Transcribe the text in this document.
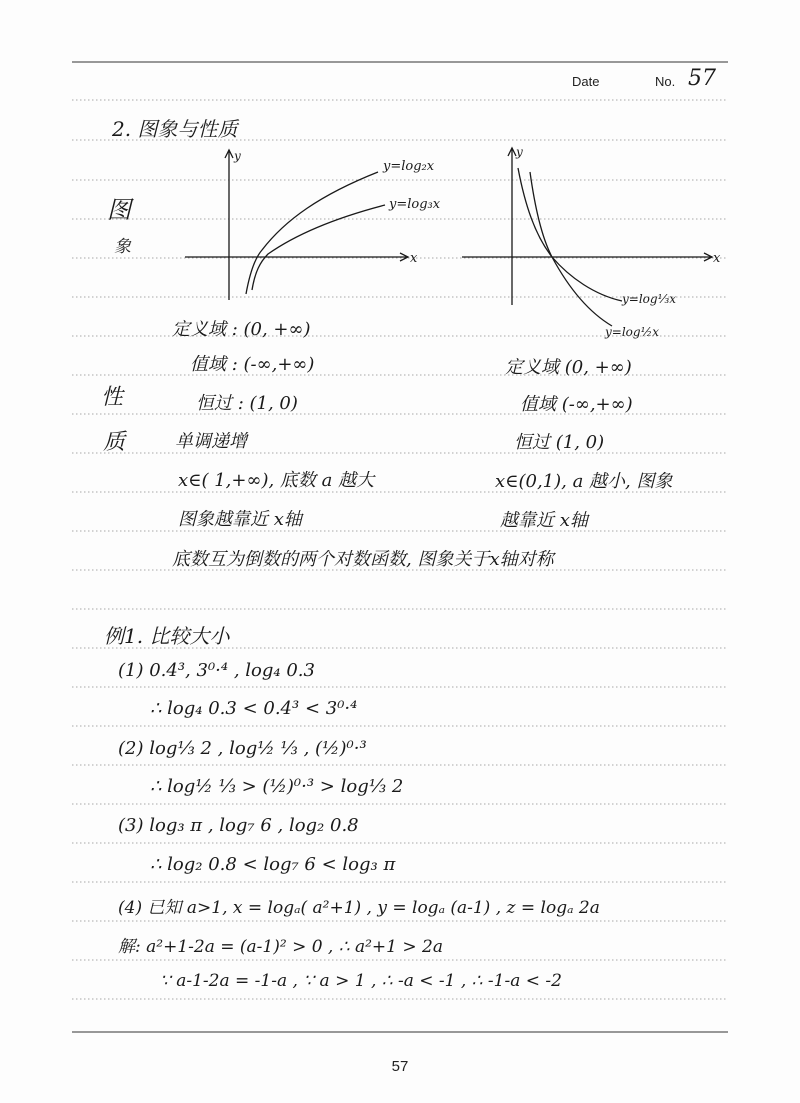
Date	No. 57
2. 图象与性质
图
象
性
质
x
y
y=log₂x
y=log₃x
x
y
y=log⅓x
y=log½x
定义域 : (0, +∞)
值域 : (-∞,+∞)
恒过 : (1, 0)
单调递增
x∈( 1,+∞), 底数 a 越大
图象越靠近 x轴
定义域 (0, +∞)
值域 (-∞,+∞)
恒过 (1, 0)
x∈(0,1), a 越小, 图象
越靠近 x轴
底数互为倒数的两个对数函数, 图象关于x轴对称
例1. 比较大小
(1) 0.4³, 3⁰·⁴ , log₄ 0.3
∴ log₄ 0.3 < 0.4³ < 3⁰·⁴
(2) log⅓ 2 , log½ ⅓ , (½)⁰·³
∴ log½ ⅓ > (½)⁰·³ > log⅓ 2
(3) log₃ π , log₇ 6 , log₂ 0.8
∴ log₂ 0.8 < log₇ 6 < log₃ π
(4) 已知 a>1, x = logₐ( a²+1) , y = logₐ (a-1) , z = logₐ 2a
解: a²+1-2a = (a-1)² > 0 , ∴ a²+1 > 2a
∵ a-1-2a = -1-a , ∵ a > 1 , ∴ -a < -1 , ∴ -1-a < -2
57
